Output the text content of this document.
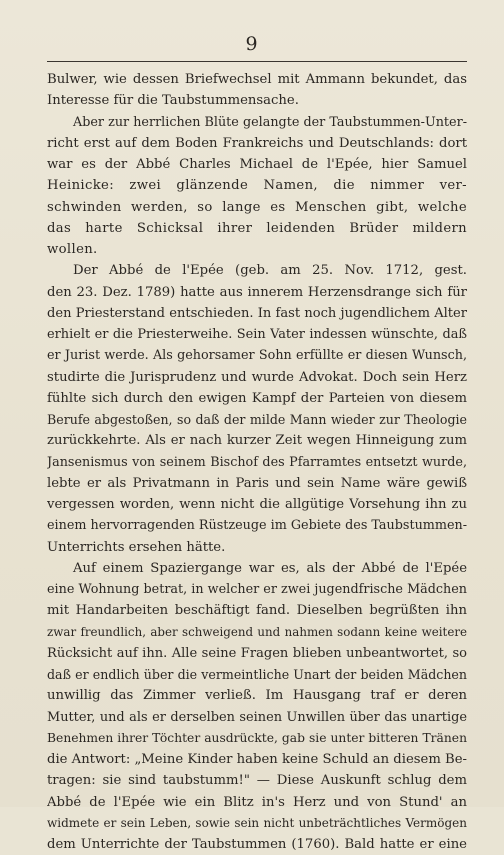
9
Bulwer, wie dessen Briefwechsel mit Ammann bekundet, das
Interesse für die Taubstummensache.
Aber zur herrlichen Blüte gelangte der Taubstummen-Unter-
richt erst auf dem Boden Frankreichs und Deutschlands: dort
war es der Abbé Charles Michael de l'Epée, hier Samuel
Heinicke: zwei glänzende Namen, die nimmer ver-
schwinden werden, so lange es Menschen gibt, welche
das harte Schicksal ihrer leidenden Brüder mildern
wollen.
Der Abbé de l'Epée (geb. am 25. Nov. 1712, gest.
den 23. Dez. 1789) hatte aus innerem Herzensdrange sich für
den Priesterstand entschieden. In fast noch jugendlichem Alter
erhielt er die Priesterweihe. Sein Vater indessen wünschte, daß
er Jurist werde. Als gehorsamer Sohn erfüllte er diesen Wunsch,
studirte die Jurisprudenz und wurde Advokat. Doch sein Herz
fühlte sich durch den ewigen Kampf der Parteien von diesem
Berufe abgestoßen, so daß der milde Mann wieder zur Theologie
zurückkehrte. Als er nach kurzer Zeit wegen Hinneigung zum
Jansenismus von seinem Bischof des Pfarramtes entsetzt wurde,
lebte er als Privatmann in Paris und sein Name wäre gewiß
vergessen worden, wenn nicht die allgütige Vorsehung ihn zu
einem hervorragenden Rüstzeuge im Gebiete des Taubstummen-
Unterrichts ersehen hätte.
Auf einem Spaziergange war es, als der Abbé de l'Epée
eine Wohnung betrat, in welcher er zwei jugendfrische Mädchen
mit Handarbeiten beschäftigt fand. Dieselben begrüßten ihn
zwar freundlich, aber schweigend und nahmen sodann keine weitere
Rücksicht auf ihn. Alle seine Fragen blieben unbeantwortet, so
daß er endlich über die vermeintliche Unart der beiden Mädchen
unwillig das Zimmer verließ. Im Hausgang traf er deren
Mutter, und als er derselben seinen Unwillen über das unartige
Benehmen ihrer Töchter ausdrückte, gab sie unter bitteren Tränen
die Antwort: „Meine Kinder haben keine Schuld an diesem Be-
tragen: sie sind taubstumm!" — Diese Auskunft schlug dem
Abbé de l'Epée wie ein Blitz in's Herz und von Stund' an
widmete er sein Leben, sowie sein nicht unbeträchtliches Vermögen
dem Unterrichte der Taubstummen (1760). Bald hatte er eine
